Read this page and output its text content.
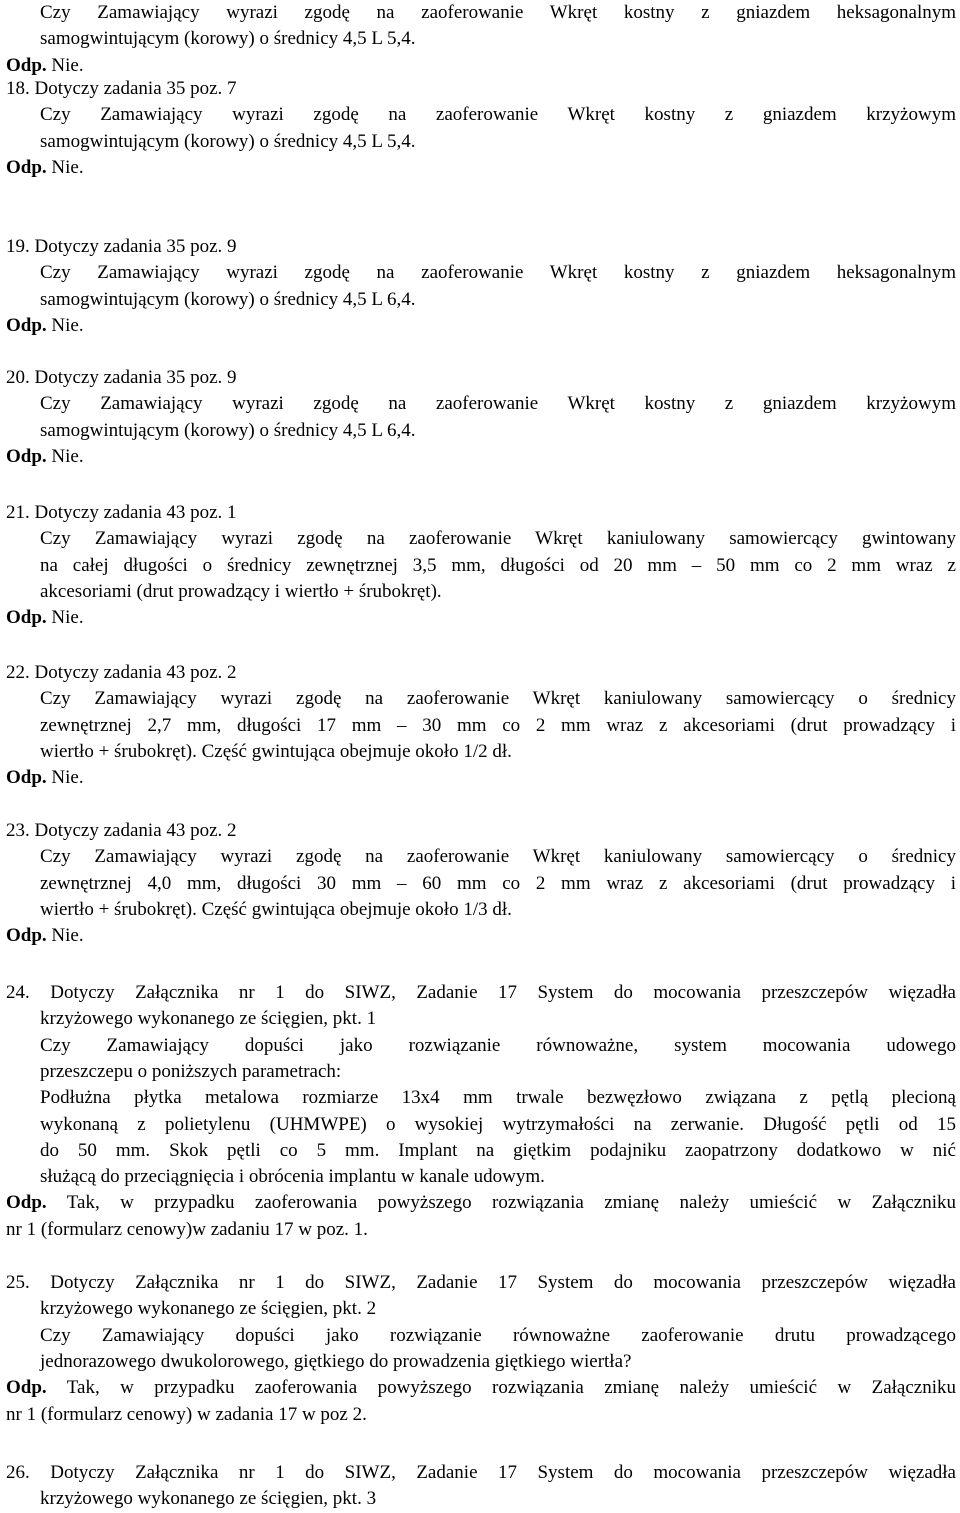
Czy Zamawiający wyrazi zgodę na zaoferowanie Wkręt kostny z gniazdem heksagonalnym
samogwintującym (korowy) o średnicy 4,5 L 5,4.
Odp. Nie.
18. Dotyczy zadania 35 poz. 7
Czy Zamawiający wyrazi zgodę na zaoferowanie Wkręt kostny z gniazdem krzyżowym
samogwintującym (korowy) o średnicy 4,5 L 5,4.
Odp. Nie.
19. Dotyczy zadania 35 poz. 9
Czy Zamawiający wyrazi zgodę na zaoferowanie Wkręt kostny z gniazdem heksagonalnym
samogwintującym (korowy) o średnicy 4,5 L 6,4.
Odp. Nie.
20. Dotyczy zadania 35 poz. 9
Czy Zamawiający wyrazi zgodę na zaoferowanie Wkręt kostny z gniazdem krzyżowym
samogwintującym (korowy) o średnicy 4,5 L 6,4.
Odp. Nie.
21. Dotyczy zadania 43 poz. 1
Czy Zamawiający wyrazi zgodę na zaoferowanie Wkręt kaniulowany samowiercący gwintowany
na całej długości o średnicy zewnętrznej 3,5 mm, długości od 20 mm – 50 mm co 2 mm wraz z
akcesoriami (drut prowadzący i wiertło + śrubokręt).
Odp. Nie.
22. Dotyczy zadania 43 poz. 2
Czy Zamawiający wyrazi zgodę na zaoferowanie Wkręt kaniulowany samowiercący o średnicy
zewnętrznej 2,7 mm, długości 17 mm – 30 mm co 2 mm wraz z akcesoriami (drut prowadzący i
wiertło + śrubokręt). Część gwintująca obejmuje około 1/2 dł.
Odp. Nie.
23. Dotyczy zadania 43 poz. 2
Czy Zamawiający wyrazi zgodę na zaoferowanie Wkręt kaniulowany samowiercący o średnicy
zewnętrznej 4,0 mm, długości 30 mm – 60 mm co 2 mm wraz z akcesoriami (drut prowadzący i
wiertło + śrubokręt). Część gwintująca obejmuje około 1/3 dł.
Odp. Nie.
24. Dotyczy Załącznika nr 1 do SIWZ, Zadanie 17 System do mocowania przeszczepów więzadła
krzyżowego wykonanego ze ścięgien, pkt. 1
Czy Zamawiający dopuści jako rozwiązanie równoważne, system mocowania udowego
przeszczepu o poniższych parametrach:
Podłużna płytka metalowa rozmiarze 13x4 mm trwale bezwęzłowo związana z pętlą plecioną
wykonaną z polietylenu (UHMWPE) o wysokiej wytrzymałości na zerwanie. Długość pętli od 15
do 50 mm. Skok pętli co 5 mm. Implant na giętkim podajniku zaopatrzony dodatkowo w nić
służącą do przeciągnięcia i obrócenia implantu w kanale udowym.
Odp. Tak, w przypadku zaoferowania powyższego rozwiązania zmianę należy umieścić w Załączniku
nr 1 (formularz cenowy)w zadaniu 17 w poz. 1.
25. Dotyczy Załącznika nr 1 do SIWZ, Zadanie 17 System do mocowania przeszczepów więzadła
krzyżowego wykonanego ze ścięgien, pkt. 2
Czy Zamawiający dopuści jako rozwiązanie równoważne zaoferowanie drutu prowadzącego
jednorazowego dwukolorowego, giętkiego do prowadzenia giętkiego wiertła?
Odp. Tak, w przypadku zaoferowania powyższego rozwiązania zmianę należy umieścić w Załączniku
nr 1 (formularz cenowy) w zadania 17 w poz 2.
26. Dotyczy Załącznika nr 1 do SIWZ, Zadanie 17 System do mocowania przeszczepów więzadła
krzyżowego wykonanego ze ścięgien, pkt. 3
